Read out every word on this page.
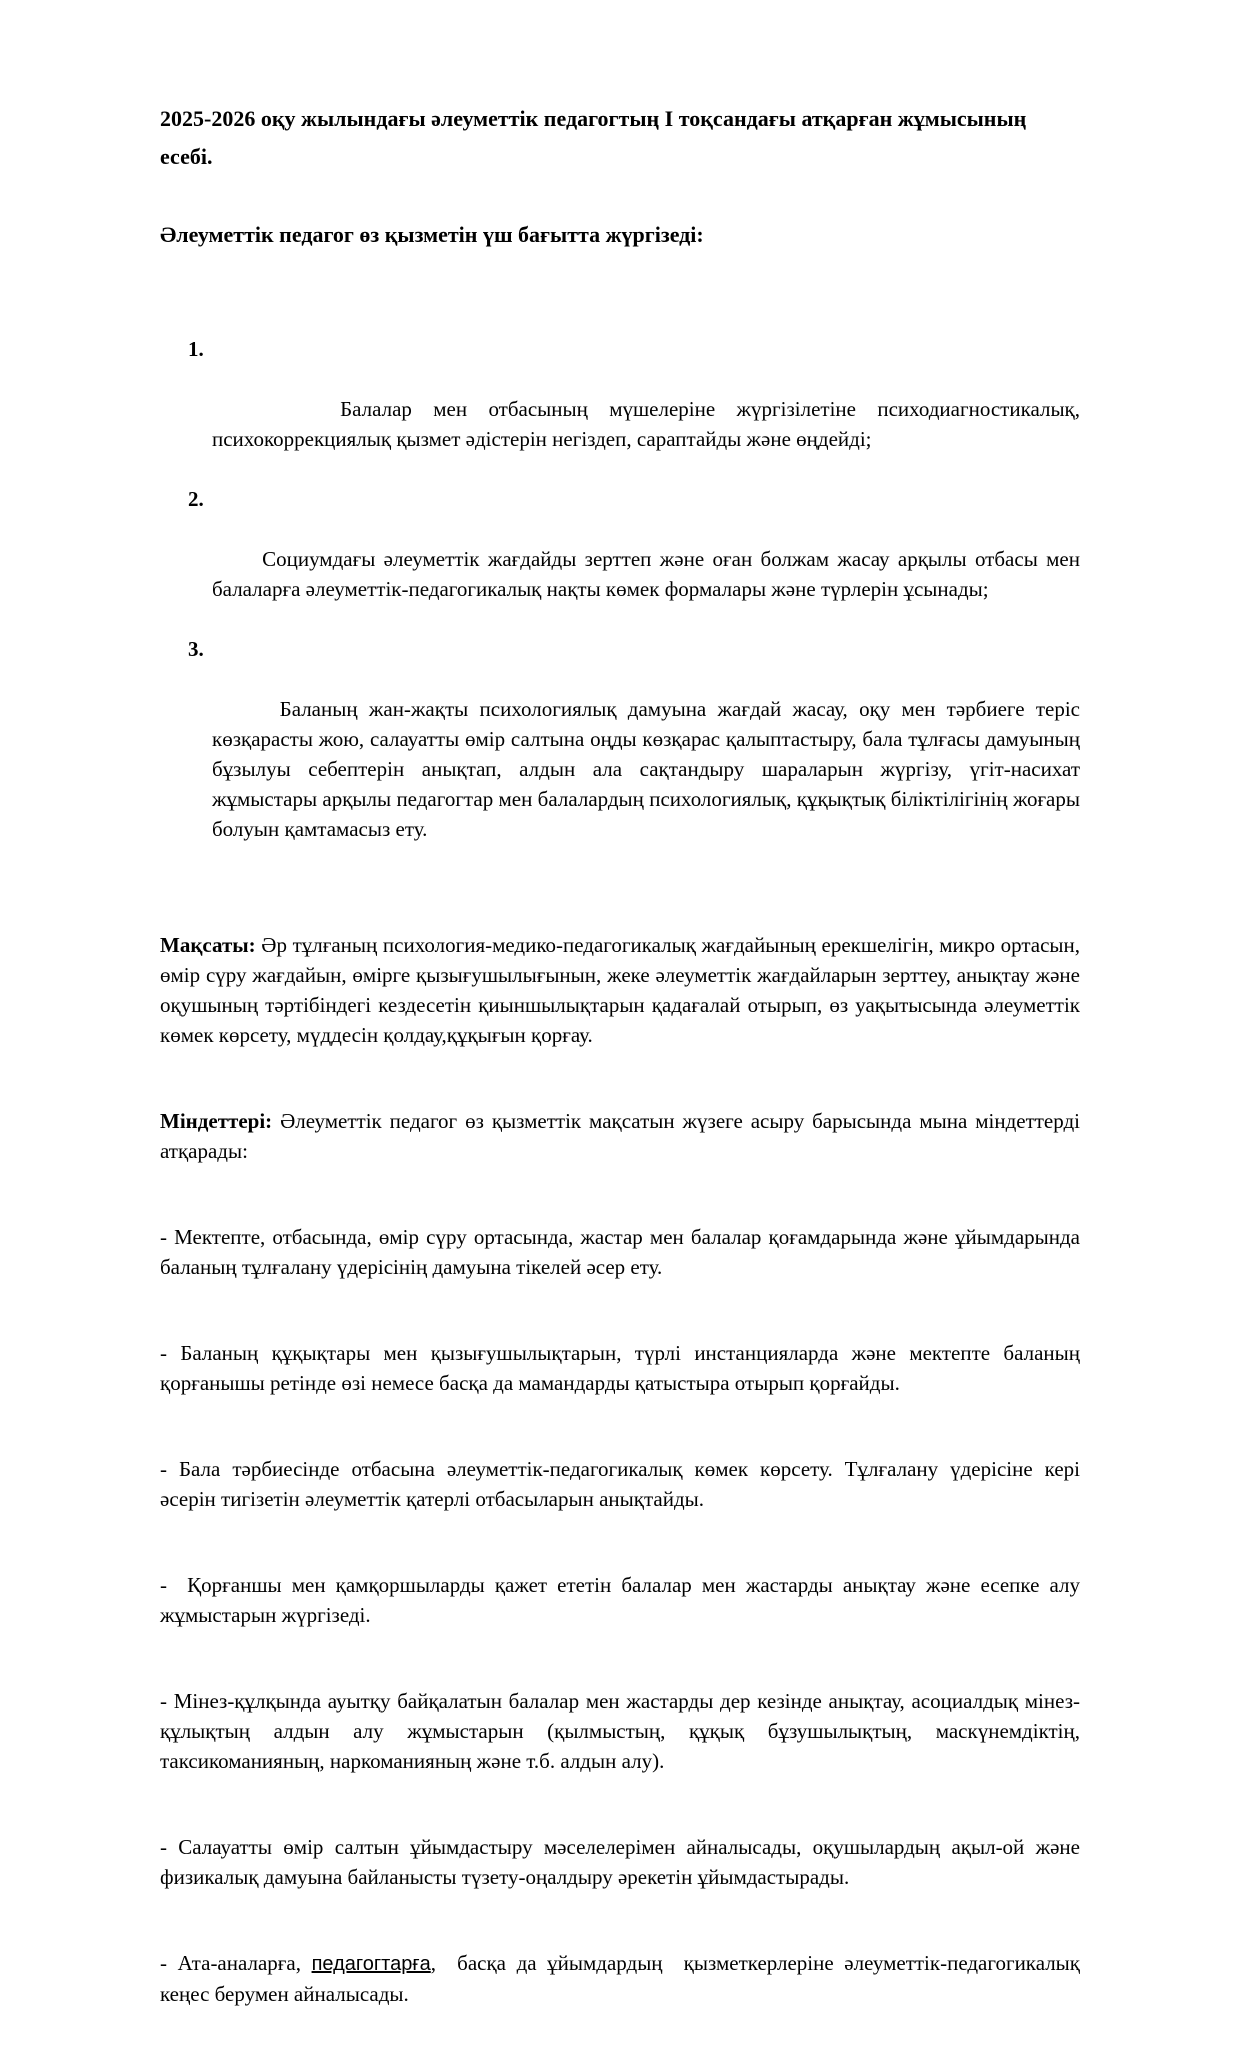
2025-2026 оқу жылындағы әлеуметтік педагогтың I тоқсандағы атқарған жұмысының  есебі.

Әлеуметтік педагог өз қызметін үш бағытта жүргізеді:

1.

Балалар мен отбасының мүшелеріне жүргізілетіне психодиагностикалық, психокоррекциялық қызмет әдістерін негіздеп, сараптайды және өңдейді;

2.

Социумдағы әлеуметтік жағдайды зерттеп және оған болжам жасау арқылы отбасы мен балаларға әлеуметтік-педагогикалық нақты көмек формалары және түрлерін ұсынады;

3.

Баланың жан-жақты психологиялық дамуына жағдай жасау, оқу мен тәрбиеге теріс көзқарасты жою, салауатты өмір салтына оңды көзқарас қалыптастыру, бала тұлғасы дамуының бұзылуы себептерін анықтап, алдын ала сақтандыру шараларын жүргізу, үгіт-насихат жұмыстары арқылы педагогтар мен балалардың психологиялық, құқықтық біліктілігінің жоғары болуын қамтамасыз ету.

Мақсаты: Әр тұлғаның психология-медико-педагогикалық жағдайының ерекшелігін, микро ортасын, өмір сүру жағдайын, өмірге қызығушылығынын, жеке әлеуметтік жағдайларын зерттеу, анықтау және оқушының тәртібіндегі кездесетін қиыншылықтарын қадағалай отырып, өз уақытысында әлеуметтік көмек көрсету, мүддесін қолдау,құқығын қорғау.

Міндеттері: Әлеуметтік педагог өз қызметтік мақсатын жүзеге асыру барысында мына міндеттерді атқарады:

- Мектепте, отбасында, өмір сүру ортасында, жастар мен балалар қоғамдарында және ұйымдарында баланың тұлғалану үдерісінің дамуына тікелей әсер ету.

- Баланың құқықтары мен қызығушылықтарын, түрлі инстанцияларда және мектепте баланың қорғанышы ретінде өзі немесе басқа да мамандарды қатыстыра отырып қорғайды.

- Бала тәрбиесінде отбасына әлеуметтік-педагогикалық көмек көрсету. Тұлғалану үдерісіне кері әсерін тигізетін әлеуметтік қатерлі отбасыларын анықтайды.

-  Қорғаншы мен қамқоршыларды қажет ететін балалар мен жастарды анықтау және есепке алу жұмыстарын жүргізеді.

- Мінез-құлқында ауытқу байқалатын балалар мен жастарды дер кезінде анықтау, асоциалдық мінез-құлықтың алдын алу жұмыстарын (қылмыстың, құқық бұзушылықтың, маскүнемдіктің, таксикоманияның, наркоманияның және т.б. алдын алу).

- Салауатты өмір салтын ұйымдастыру мәселелерімен айналысады, оқушылардың ақыл-ой және физикалық дамуына байланысты түзету-оңалдыру әрекетін ұйымдастырады.

- Ата-аналарға, педагогтарға,  басқа да ұйымдардың  қызметкерлеріне әлеуметтік-педагогикалық кеңес берумен айналысады.
